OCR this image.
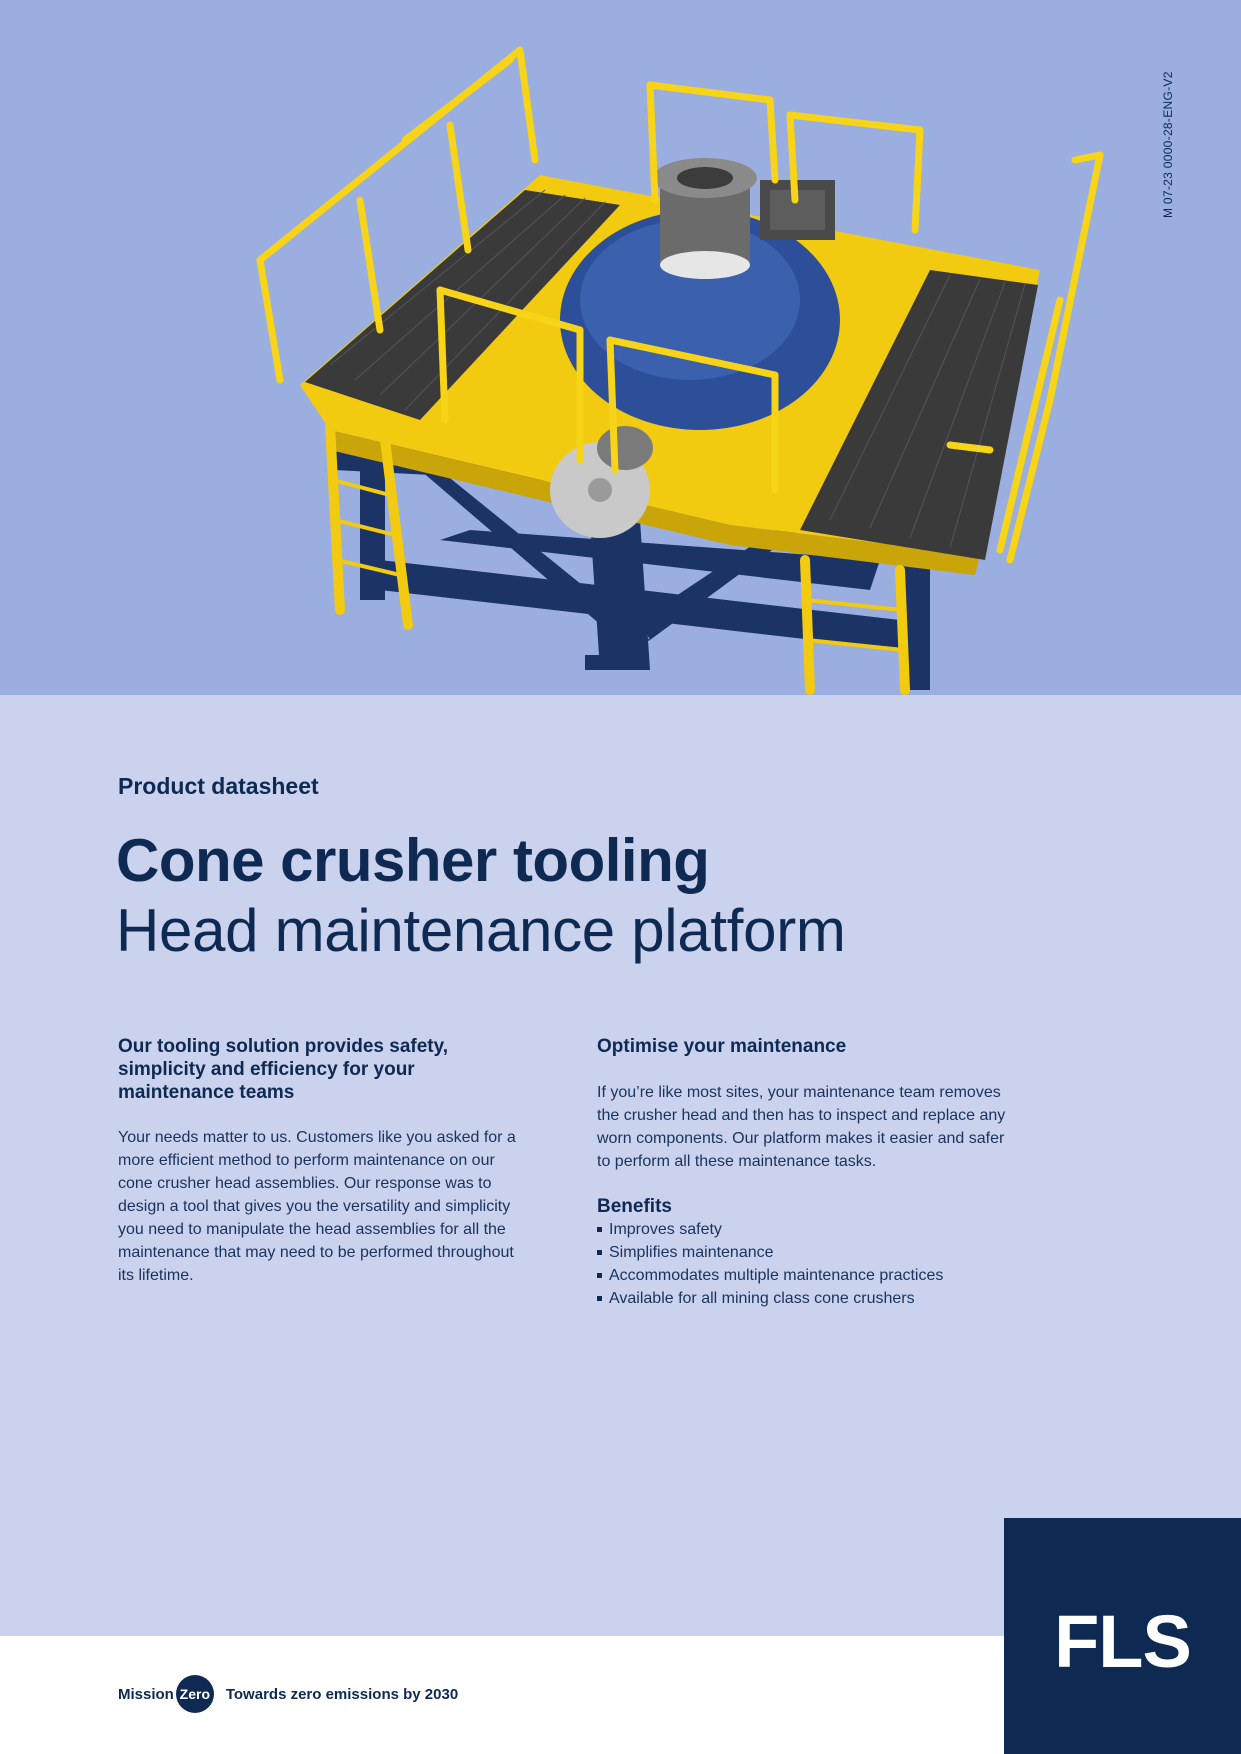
M 07-23 0000-28-ENG-V2
Product datasheet
Cone crusher tooling
Head maintenance platform
Our tooling solution provides safety, simplicity and efficiency for your maintenance teams

Your needs matter to us. Customers like you asked for a more efficient method to perform maintenance on our cone crusher head assemblies. Our response was to design a tool that gives you the versatility and simplicity you need to manipulate the head assemblies for all the maintenance that may need to be performed throughout its lifetime.

Optimise your maintenance

If you’re like most sites, your maintenance team removes the crusher head and then has to inspect and replace any worn components. Our platform makes it easier and safer to perform all these maintenance tasks.

Benefits
Improves safety
Simplifies maintenance
Accommodates multiple maintenance practices
Available for all mining class cone crushers
Mission Zero Towards zero emissions by 2030
FLS
